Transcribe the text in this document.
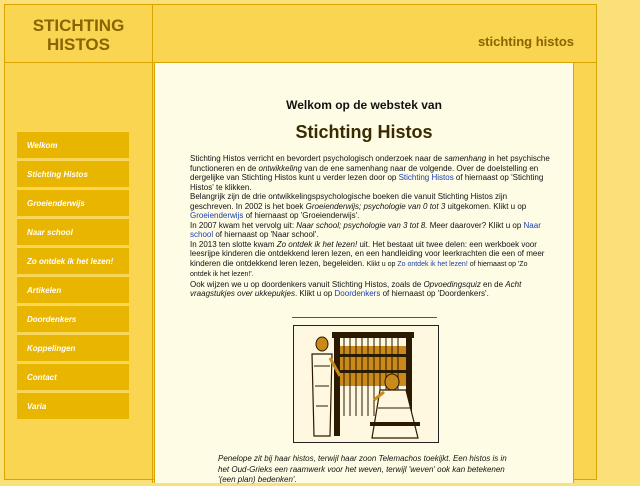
STICHTING
HISTOS	stichting histos
Welkom
Stichting Histos
Groeienderwijs
Naar school
Zo ontdek ik het lezen!
Artikelen
Doordenkers
Koppelingen
Contact
Varia
Welkom op de webstek van
Stichting Histos
Stichting Histos verricht en bevordert psychologisch onderzoek naar de samenhang in het psychische functioneren en de ontwikkeling van de ene samenhang naar de volgende. Over de doelstelling en dergelijke van Stichting Histos kunt u verder lezen door op Stichting Histos of hiernaast op 'Stichting Histos' te klikken.
Belangrijk zijn de drie ontwikkelingspsychologische boeken die vanuit Stichting Histos zijn geschreven. In 2002 is het boek Groeienderwijs; psychologie van 0 tot 3 uitgekomen. Klikt u op Groeienderwijs of hiernaast op 'Groeienderwijs'.
In 2007 kwam het vervolg uit: Naar school; psychologie van 3 tot 8. Meer daarover? Klikt u op Naar school of hiernaast op 'Naar school'.
In 2013 ten slotte kwam Zo ontdek ik het lezen! uit. Het bestaat uit twee delen: een werkboek voor leesrijpe kinderen die ontdekkend leren lezen, en een handleiding voor leerkrachten die een of meer kinderen die ontdekkend leren lezen, begeleiden. Klikt u op Zo ontdek ik het lezen! of hiernaast op 'Zo ontdek ik het lezen!'.
Ook wijzen we u op doordenkers vanuit Stichting Histos, zoals de Opvoedingsquiz en de Acht vraagstukjes over ukkepukjes. Klikt u op Doordenkers of hiernaast op 'Doordenkers'.
Penelope zit bij haar histos, terwijl haar zoon Telemachos toekijkt. Een histos is in het Oud-Grieks een raamwerk voor het weven, terwijl 'weven' ook kan betekenen '(een plan) bedenken'.
